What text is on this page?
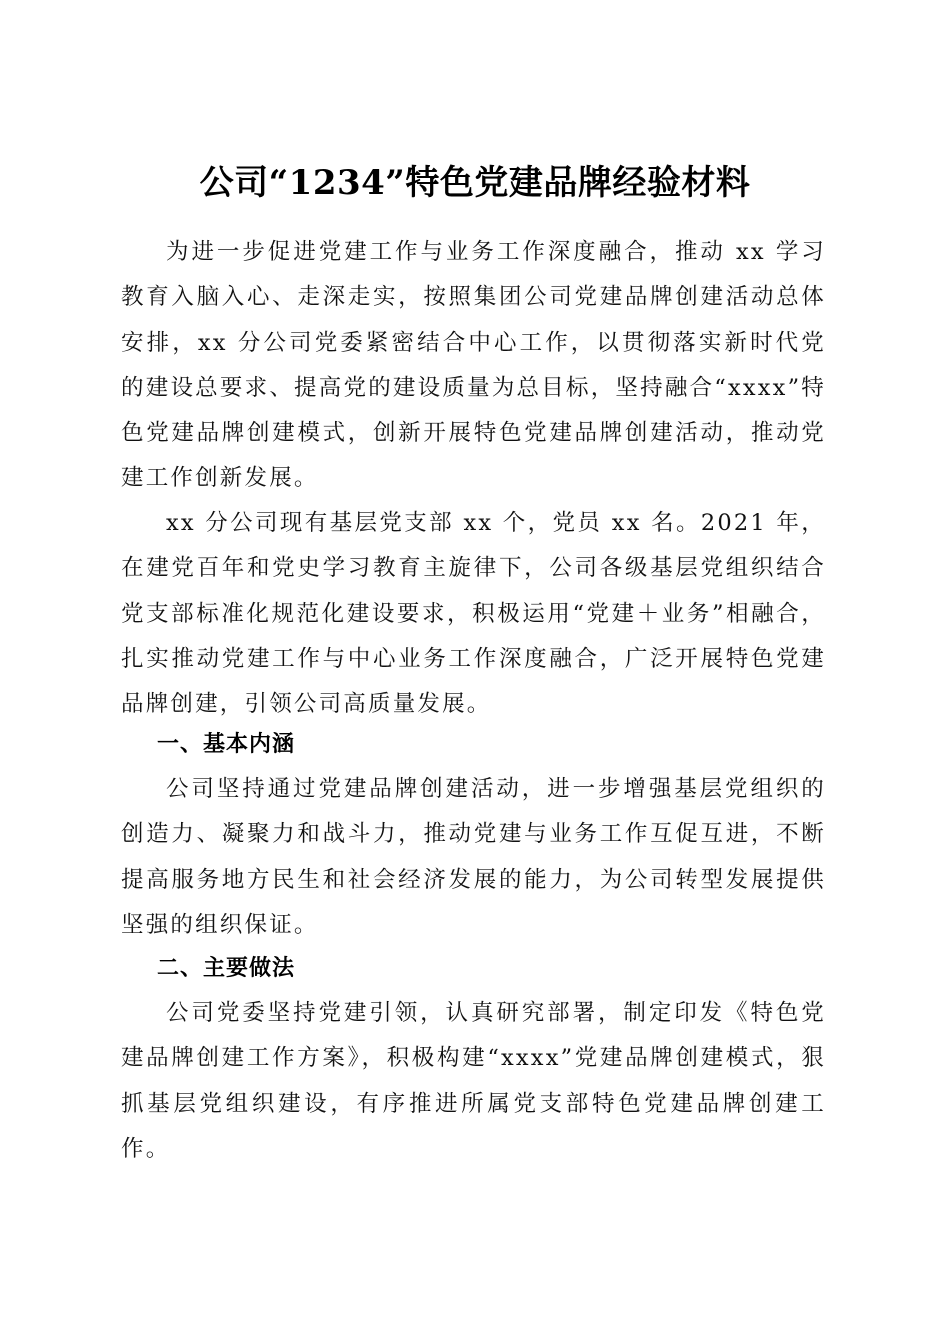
公司“1234”特色党建品牌经验材料

为进一步促进党建工作与业务工作深度融合，推动 xx 学习教育入脑入心、走深走实，按照集团公司党建品牌创建活动总体安排，xx 分公司党委紧密结合中心工作，以贯彻落实新时代党的建设总要求、提高党的建设质量为总目标，坚持融合“xxxx”特色党建品牌创建模式，创新开展特色党建品牌创建活动，推动党建工作创新发展。

xx 分公司现有基层党支部 xx 个，党员 xx 名。2021 年，在建党百年和党史学习教育主旋律下，公司各级基层党组织结合党支部标准化规范化建设要求，积极运用“党建＋业务”相融合，扎实推动党建工作与中心业务工作深度融合，广泛开展特色党建品牌创建，引领公司高质量发展。

一、基本内涵

公司坚持通过党建品牌创建活动，进一步增强基层党组织的创造力、凝聚力和战斗力，推动党建与业务工作互促互进，不断提高服务地方民生和社会经济发展的能力，为公司转型发展提供坚强的组织保证。

二、主要做法

公司党委坚持党建引领，认真研究部署，制定印发《特色党建品牌创建工作方案》，积极构建“xxxx”党建品牌创建模式，狠抓基层党组织建设，有序推进所属党支部特色党建品牌创建工作。
